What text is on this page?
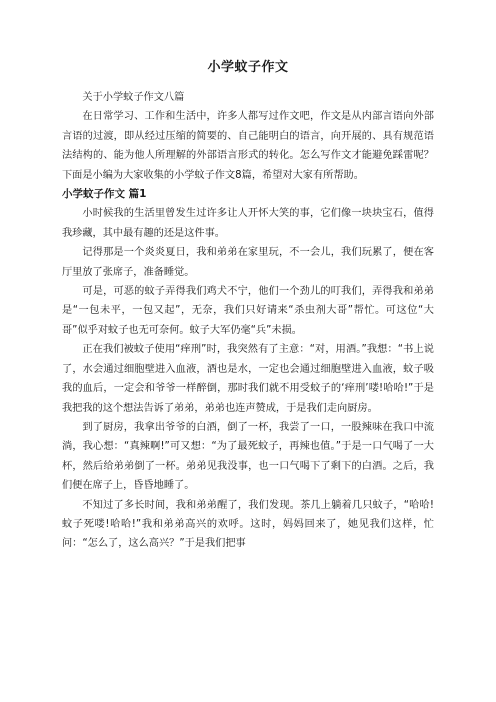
小学蚊子作文

关于小学蚊子作文八篇

在日常学习、工作和生活中，许多人都写过作文吧，作文是从内部言语向外部言语的过渡，即从经过压缩的简要的、自己能明白的语言，向开展的、具有规范语法结构的、能为他人所理解的外部语言形式的转化。怎么写作文才能避免踩雷呢？下面是小编为大家收集的小学蚊子作文8篇，希望对大家有所帮助。

小学蚊子作文 篇1

小时候我的生活里曾发生过许多让人开怀大笑的事，它们像一块块宝石，值得我珍藏，其中最有趣的还是这件事。

记得那是一个炎炎夏日，我和弟弟在家里玩，不一会儿，我们玩累了，便在客厅里放了张席子，准备睡觉。

可是，可恶的蚊子弄得我们鸡犬不宁，他们一个劲儿的叮我们，弄得我和弟弟是“一包未平，一包又起”，无奈，我们只好请来“杀虫剂大哥”帮忙。可这位“大哥”似乎对蚊子也无可奈何。蚊子大军仍毫“兵”未损。

正在我们被蚊子使用“痒刑”时，我突然有了主意：“对，用酒。”我想：“书上说了，水会通过细胞壁进入血液，酒也是水，一定也会通过细胞壁进入血液，蚊子吸我的血后，一定会和爷爷一样醉倒，那时我们就不用受蚊子的‘痒刑’喽!哈哈!”于是我把我的这个想法告诉了弟弟，弟弟也连声赞成，于是我们走向厨房。

到了厨房，我拿出爷爷的白酒，倒了一杯，我尝了一口，一股辣味在我口中流淌，我心想：“真辣啊!”可又想：“为了最死蚊子，再辣也值。”于是一口气喝了一大杯，然后给弟弟倒了一杯。弟弟见我没事，也一口气喝下了剩下的白酒。之后，我们便在席子上，昏昏地睡了。

不知过了多长时间，我和弟弟醒了，我们发现。茶几上躺着几只蚊子，“哈哈!蚊子死喽!哈哈!”我和弟弟高兴的欢呼。这时，妈妈回来了，她见我们这样，忙问：“怎么了，这么高兴？”于是我们把事
